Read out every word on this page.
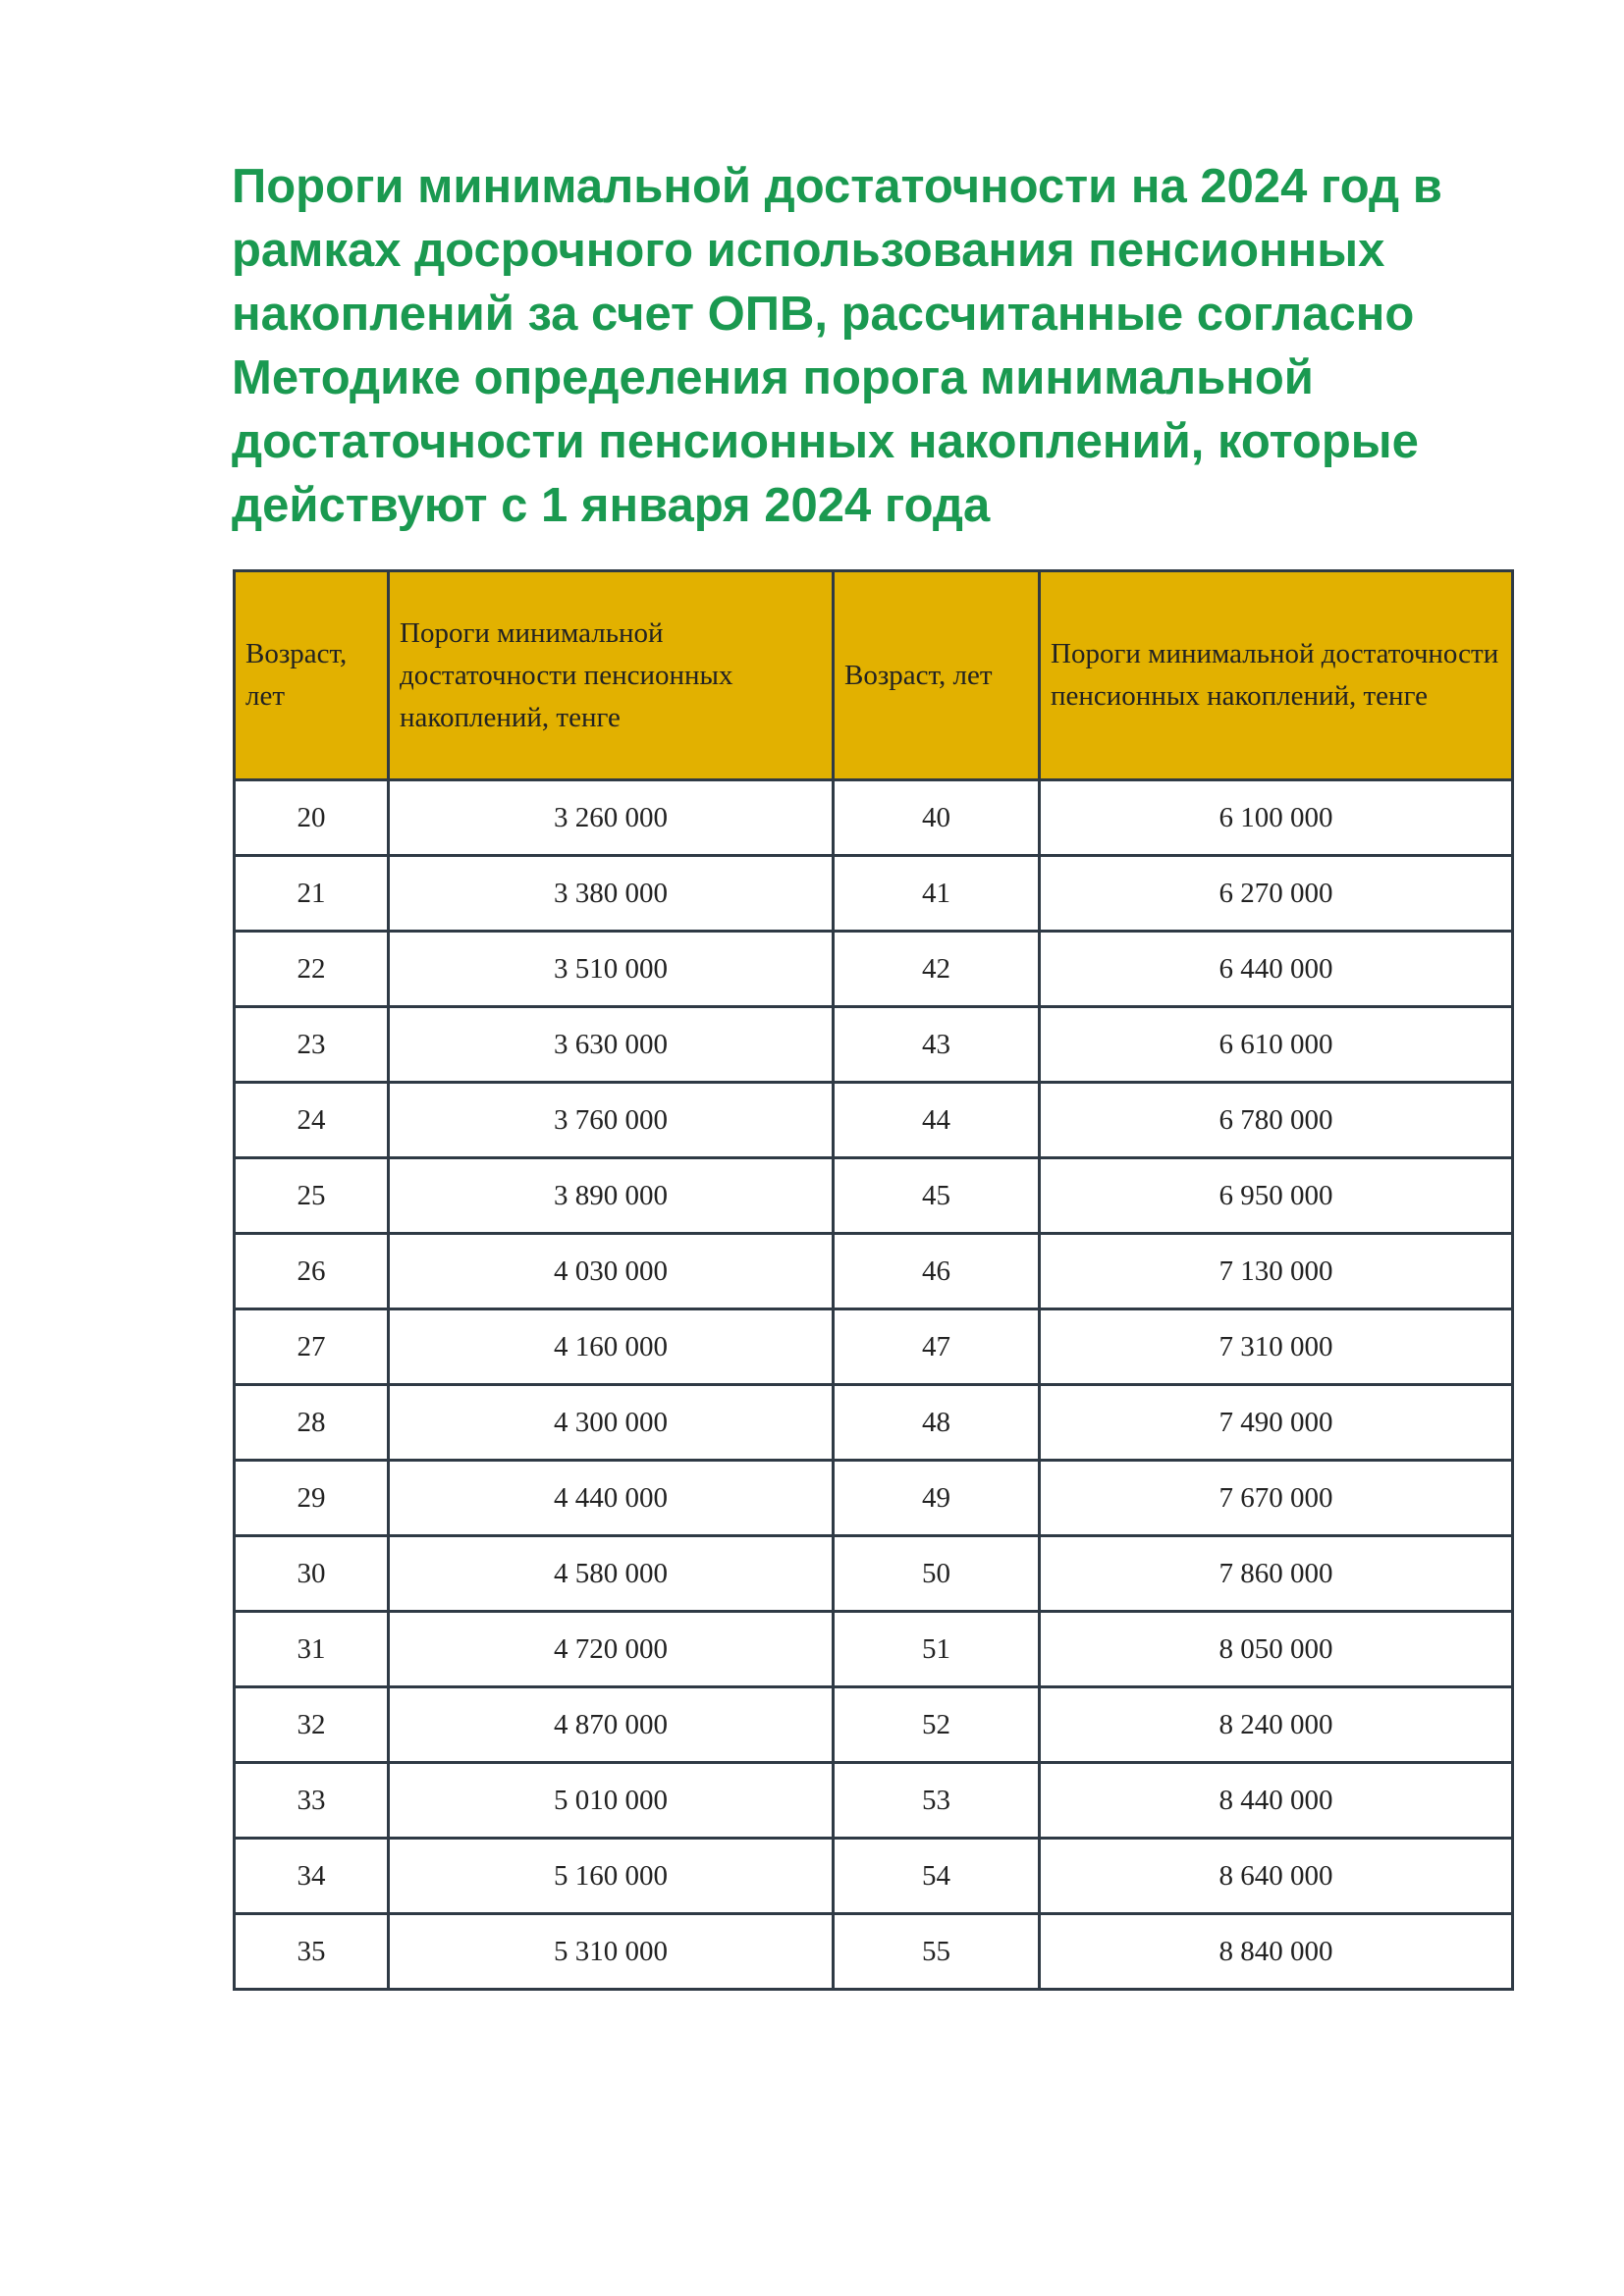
Пороги минимальной достаточности на 2024 год в рамках досрочного использования пенсионных накоплений за счет ОПВ, рассчитанные согласно Методике определения порога минимальной достаточности пенсионных накоплений, которые действуют с 1 января 2024 года
Возраст, лет	Пороги минимальной достаточности пенсионных накоплений, тенге	Возраст, лет	Пороги минимальной достаточности пенсионных накоплений, тенге
20	3 260 000	40	6 100 000
21	3 380 000	41	6 270 000
22	3 510 000	42	6 440 000
23	3 630 000	43	6 610 000
24	3 760 000	44	6 780 000
25	3 890 000	45	6 950 000
26	4 030 000	46	7 130 000
27	4 160 000	47	7 310 000
28	4 300 000	48	7 490 000
29	4 440 000	49	7 670 000
30	4 580 000	50	7 860 000
31	4 720 000	51	8 050 000
32	4 870 000	52	8 240 000
33	5 010 000	53	8 440 000
34	5 160 000	54	8 640 000
35	5 310 000	55	8 840 000
